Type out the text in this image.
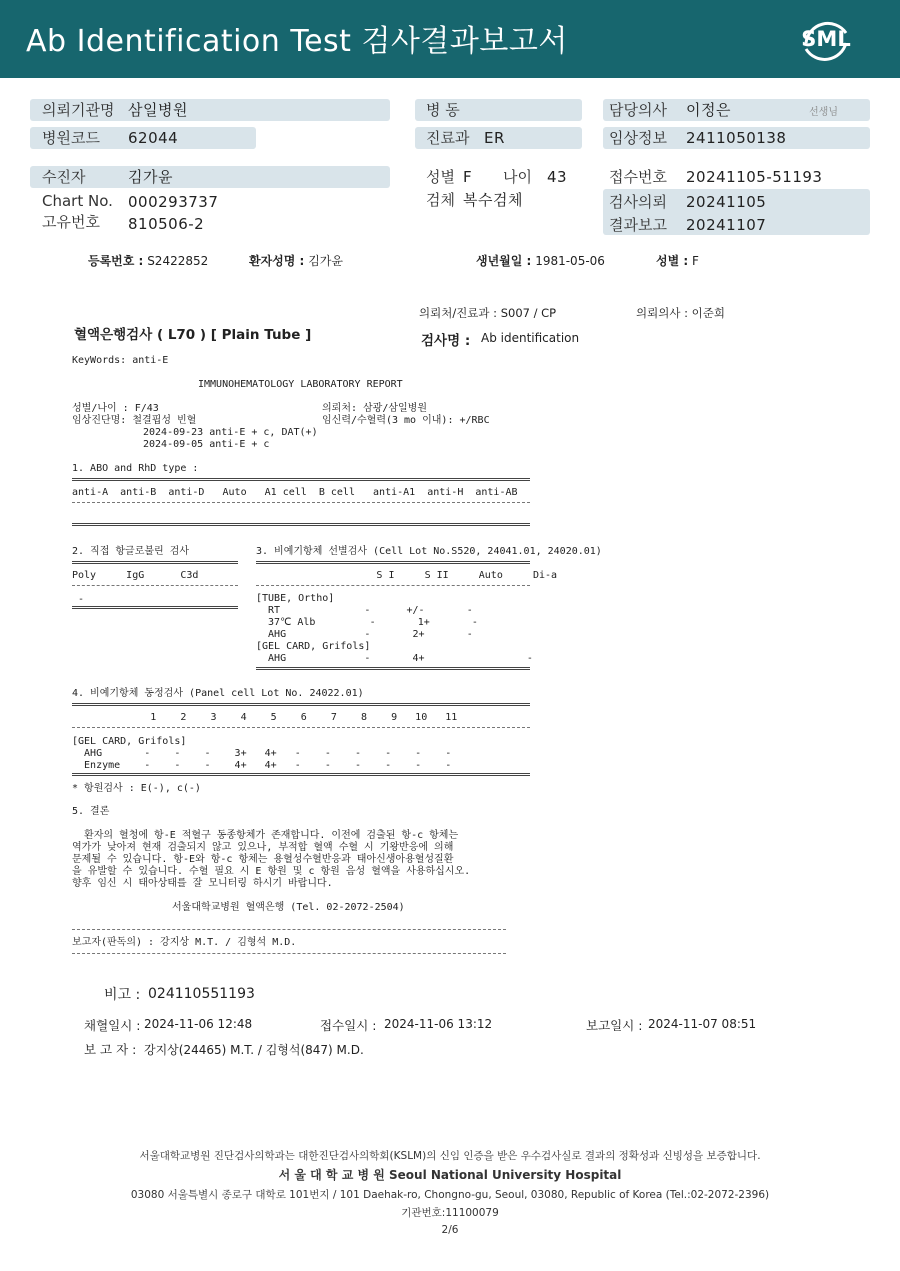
Ab Identification Test 검사결과보고서	SML
의뢰기관명 삼일병원
병원코드 62044
병 동
진료과 ER
담당의사 이정은	선생님
임상정보 2411050138
수진자	김가윤
Chart No. 000293737
고유번호 810506-2
성별 F 나이 43
검체 복수검체
접수번호 20241105-51193
검사의뢰 20241105
결과보고 20241107
등록번호 : S2422852	환자성명 : 김가윤	생년월일 : 1981-05-06	성별 : F
의뢰처/진료과 : S007 / CP	의뢰의사 : 이준희
혈액은행검사 ( L70 ) [ Plain Tube ]	검사명 : Ab identification
KeyWords: anti-E
IMMUNOHEMATOLOGY LABORATORY REPORT
성별/나이 : F/43	의뢰처: 삼광/삼일병원
임상진단명: 철결핍성 빈혈	임신력/수혈력(3 mo 이내): +/RBC
2024-09-23 anti-E + c, DAT(+)
2024-09-05 anti-E + c
1. ABO and RhD type :
anti-A  anti-B  anti-D   Auto   A1 cell  B cell   anti-A1  anti-H  anti-AB
2. 직접 항글로불린 검사
Poly     IgG      C3d
-
3. 비예기항체 선별검사 (Cell Lot No.S520, 24041.01, 24020.01)
S I     S II     Auto     Di-a
[TUBE, Ortho]
RT              -      +/-       -
37℃ Alb         -       1+       -
AHG             -       2+       -
[GEL CARD, Grifols]
AHG             -       4+                 -
4. 비예기항체 동정검사 (Panel cell Lot No. 24022.01)
1    2    3    4    5    6    7    8    9   10   11
[GEL CARD, Grifols]
AHG       -    -    -    3+   4+   -    -    -    -    -    -
Enzyme    -    -    -    4+   4+   -    -    -    -    -    -
* 항원검사 : E(-), c(-)
5. 결론
환자의 혈청에 항-E 적혈구 동종항체가 존재합니다. 이전에 검출된 항-c 항체는
역가가 낮아져 현재 검출되지 않고 있으나, 부적합 혈액 수혈 시 기왕반응에 의해
문제될 수 있습니다. 항-E와 항-c 항체는 용혈성수혈반응과 태아신생아용혈성질환
을 유발할 수 있습니다. 수혈 필요 시 E 항원 및 c 항원 음성 혈액을 사용하십시오.
향후 임신 시 태아상태를 잘 모니터링 하시기 바랍니다.
서울대학교병원 혈액은행 (Tel. 02-2072-2504)
보고자(판독의) : 강지상 M.T. / 김형석 M.D.
비고 : 024110551193
채혈일시 : 2024-11-06 12:48	접수일시 : 2024-11-06 13:12	보고일시 : 2024-11-07 08:51
보 고 자 : 강지상(24465) M.T. / 김형석(847) M.D.
서울대학교병원 진단검사의학과는 대한진단검사의학회(KSLM)의 신임 인증을 받은 우수검사실로 결과의 정확성과 신빙성을 보증합니다.
서 울 대 학 교 병 원 Seoul National University Hospital
03080 서울특별시 종로구 대학로 101번지 / 101 Daehak-ro, Chongno-gu, Seoul, 03080, Republic of Korea (Tel.:02-2072-2396)
기관번호:11100079
2/6
